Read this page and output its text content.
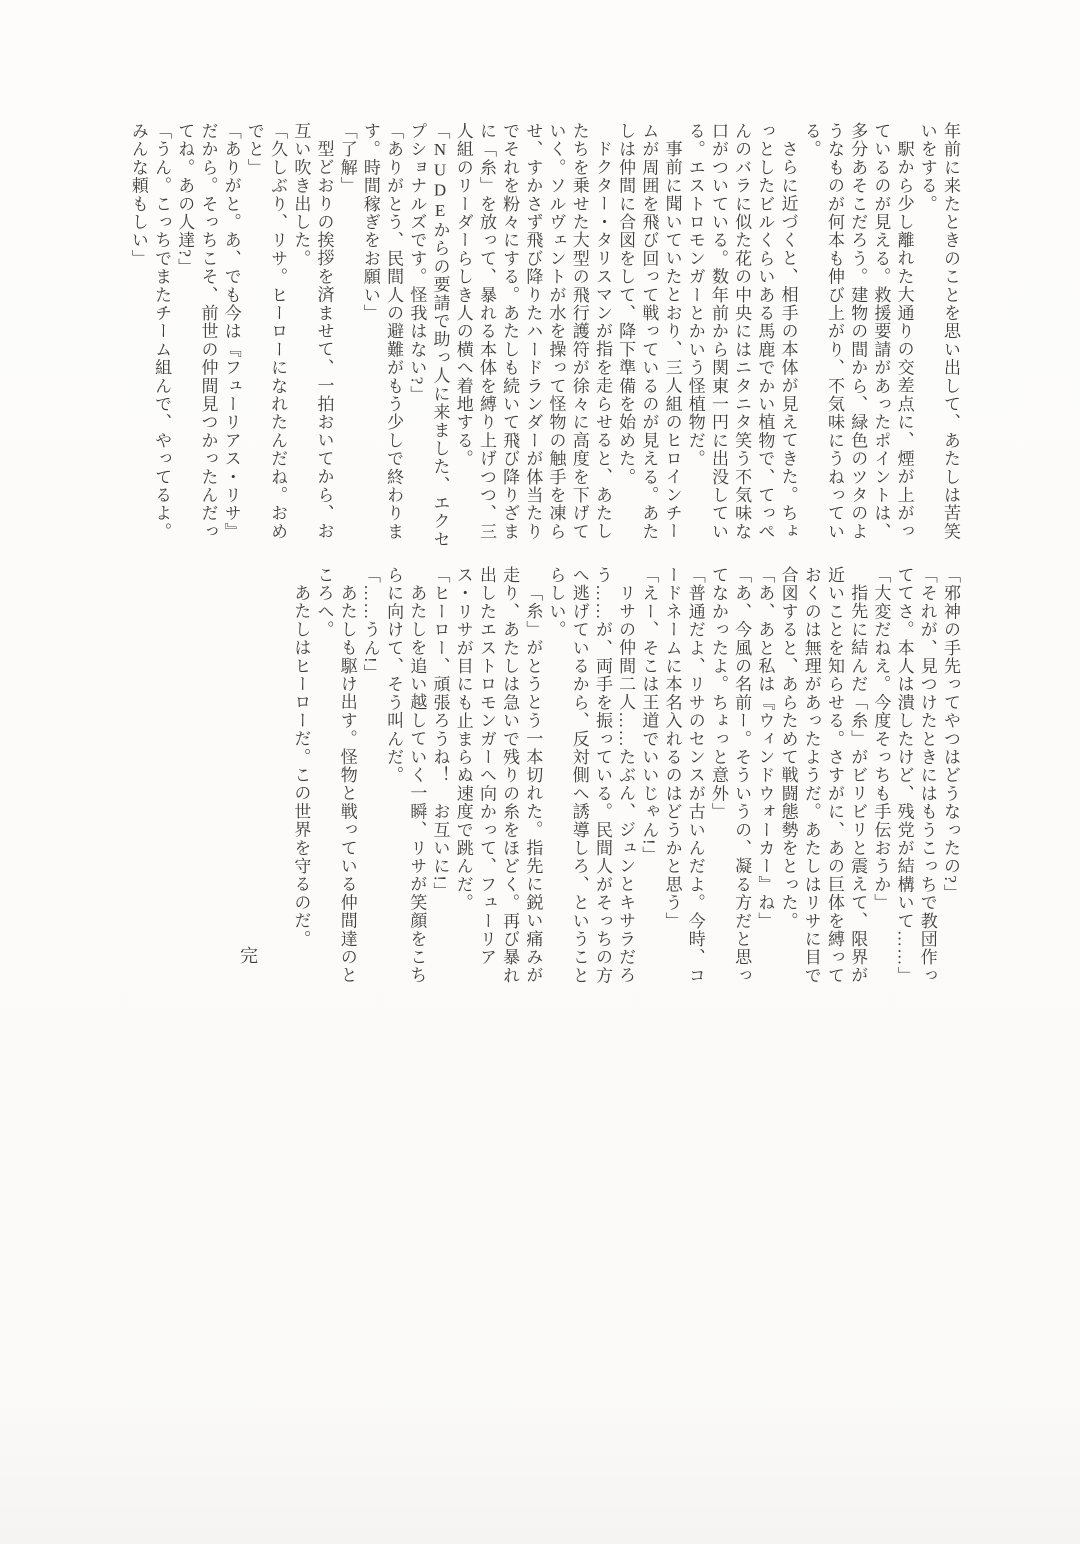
年前に来たときのことを思い出して、あたしは苦笑
いをする。
駅から少し離れた大通りの交差点に、煙が上がっ
ているのが見える。救援要請があったポイントは、
多分あそこだろう。建物の間から、緑色のツタのよ
うなものが何本も伸び上がり、不気味にうねってい
る。
さらに近づくと、相手の本体が見えてきた。ちょ
っとしたビルくらいある馬鹿でかい植物で、てっぺ
んのバラに似た花の中央にはニタニタ笑う不気味な
口がついている。数年前から関東一円に出没してい
る。エストロモンガーとかいう怪植物だ。
事前に聞いていたとおり、三人組のヒロインチー
ムが周囲を飛び回って戦っているのが見える。あた
しは仲間に合図をして、降下準備を始めた。
ドクター・タリスマンが指を走らせると、あたし
たちを乗せた大型の飛行護符が徐々に高度を下げて
いく。ソルヴェントが水を操って怪物の触手を凍ら
せ、すかさず飛び降りたハードランダーが体当たり
でそれを粉々にする。あたしも続いて飛び降りざま
に「糸」を放って、暴れる本体を縛り上げつつ、三
人組のリーダーらしき人の横へ着地する。
「NUDEからの要請で助っ人に来ました、エクセ
プショナルズです。怪我はない?」
「ありがとう、民間人の避難がもう少しで終わりま
す。時間稼ぎをお願い」
「了解」
型どおりの挨拶を済ませて、一拍おいてから、お
互い吹き出した。
「久しぶり、リサ。ヒーローになれたんだね。おめ
でと」
「ありがと。あ、でも今は『フューリアス・リサ』
だから。そっちこそ、前世の仲間見つかったんだっ
てね。あの人達?」
「うん。こっちでまたチーム組んで、やってるよ。
みんな頼もしい」
「邪神の手先ってやつはどうなったの?」
「それが、見つけたときにはもうこっちで教団作っ
ててさ。本人は潰したけど、残党が結構いて……」
「大変だねえ。今度そっちも手伝おうか」
指先に結んだ「糸」がビリビリと震えて、限界が
近いことを知らせる。さすがに、あの巨体を縛って
おくのは無理があったようだ。あたしはリサに目で
合図すると、あらためて戦闘態勢をとった。
「あ、あと私は『ウィンドウォーカー』ね」
「あ、今風の名前ー。そういうの、凝る方だと思っ
てなかったよ。ちょっと意外」
「普通だよ、リサのセンスが古いんだよ。今時、コ
ードネームに本名入れるのはどうかと思う」
「えー、そこは王道でいいじゃん!」
リサの仲間二人……たぶん、ジュンとキサラだろ
う……が、両手を振っている。民間人がそっちの方
へ逃げているから、反対側へ誘導しろ、ということ
らしい。
「糸」がとうとう一本切れた。指先に鋭い痛みが
走り、あたしは急いで残りの糸をほどく。再び暴れ
出したエストロモンガーへ向かって、フューリア
ス・リサが目にも止まらぬ速度で跳んだ。
「ヒーロー、頑張ろうね！　お互いに!」
あたしを追い越していく一瞬、リサが笑顔をこち
らに向けて、そう叫んだ。
「……うん!」
あたしも駆け出す。怪物と戦っている仲間達のと
ころへ。
あたしはヒーローだ。この世界を守るのだ。
完
